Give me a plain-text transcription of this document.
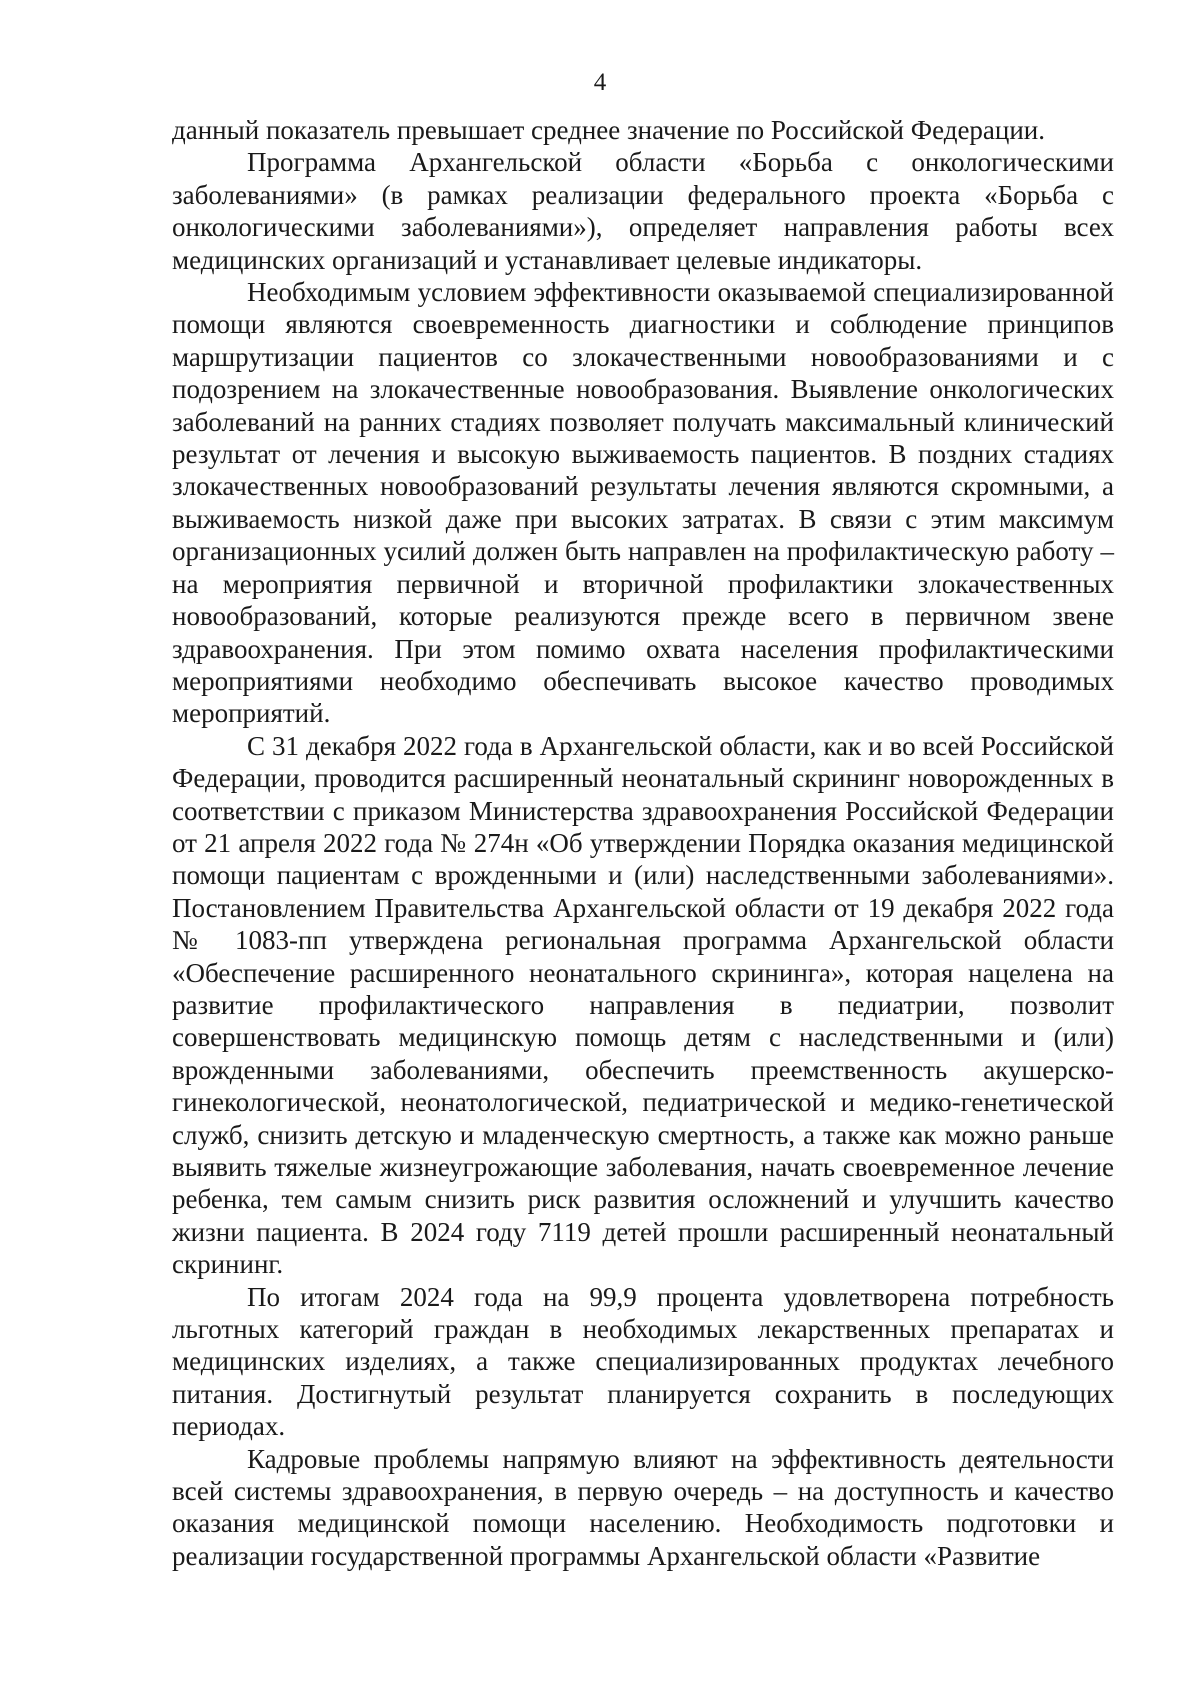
4

данный показатель превышает среднее значение по Российской Федерации.

Программа Архангельской области «Борьба с онкологическими заболеваниями» (в рамках реализации федерального проекта «Борьба с онкологическими заболеваниями»), определяет направления работы всех медицинских организаций и устанавливает целевые индикаторы.

Необходимым условием эффективности оказываемой специализированной помощи являются своевременность диагностики и соблюдение принципов маршрутизации пациентов со злокачественными новообразованиями и с подозрением на злокачественные новообразования. Выявление онкологических заболеваний на ранних стадиях позволяет получать максимальный клинический результат от лечения и высокую выживаемость пациентов. В поздних стадиях злокачественных новообразований результаты лечения являются скромными, а выживаемость низкой даже при высоких затратах. В связи с этим максимум организационных усилий должен быть направлен на профилактическую работу – на мероприятия первичной и вторичной профилактики злокачественных новообразований, которые реализуются прежде всего в первичном звене здравоохранения. При этом помимо охвата населения профилактическими мероприятиями необходимо обеспечивать высокое качество проводимых мероприятий.

С 31 декабря 2022 года в Архангельской области, как и во всей Российской Федерации, проводится расширенный неонатальный скрининг новорожденных в соответствии с приказом Министерства здравоохранения Российской Федерации от 21 апреля 2022 года № 274н «Об утверждении Порядка оказания медицинской помощи пациентам с врожденными и (или) наследственными заболеваниями». Постановлением Правительства Архангельской области от 19 декабря 2022 года № 1083-пп утверждена региональная программа Архангельской области «Обеспечение расширенного неонатального скрининга», которая нацелена на развитие профилактического направления в педиатрии, позволит совершенствовать медицинскую помощь детям с наследственными и (или) врожденными заболеваниями, обеспечить преемственность акушерско-гинекологической, неонатологической, педиатрической и медико-генетической служб, снизить детскую и младенческую смертность, а также как можно раньше выявить тяжелые жизнеугрожающие заболевания, начать своевременное лечение ребенка, тем самым снизить риск развития осложнений и улучшить качество жизни пациента. В 2024 году 7119 детей прошли расширенный неонатальный скрининг.

По итогам 2024 года на 99,9 процента удовлетворена потребность льготных категорий граждан в необходимых лекарственных препаратах и медицинских изделиях, а также специализированных продуктах лечебного питания. Достигнутый результат планируется сохранить в последующих периодах.

Кадровые проблемы напрямую влияют на эффективность деятельности всей системы здравоохранения, в первую очередь – на доступность и качество оказания медицинской помощи населению. Необходимость подготовки и реализации государственной программы Архангельской области «Развитие
